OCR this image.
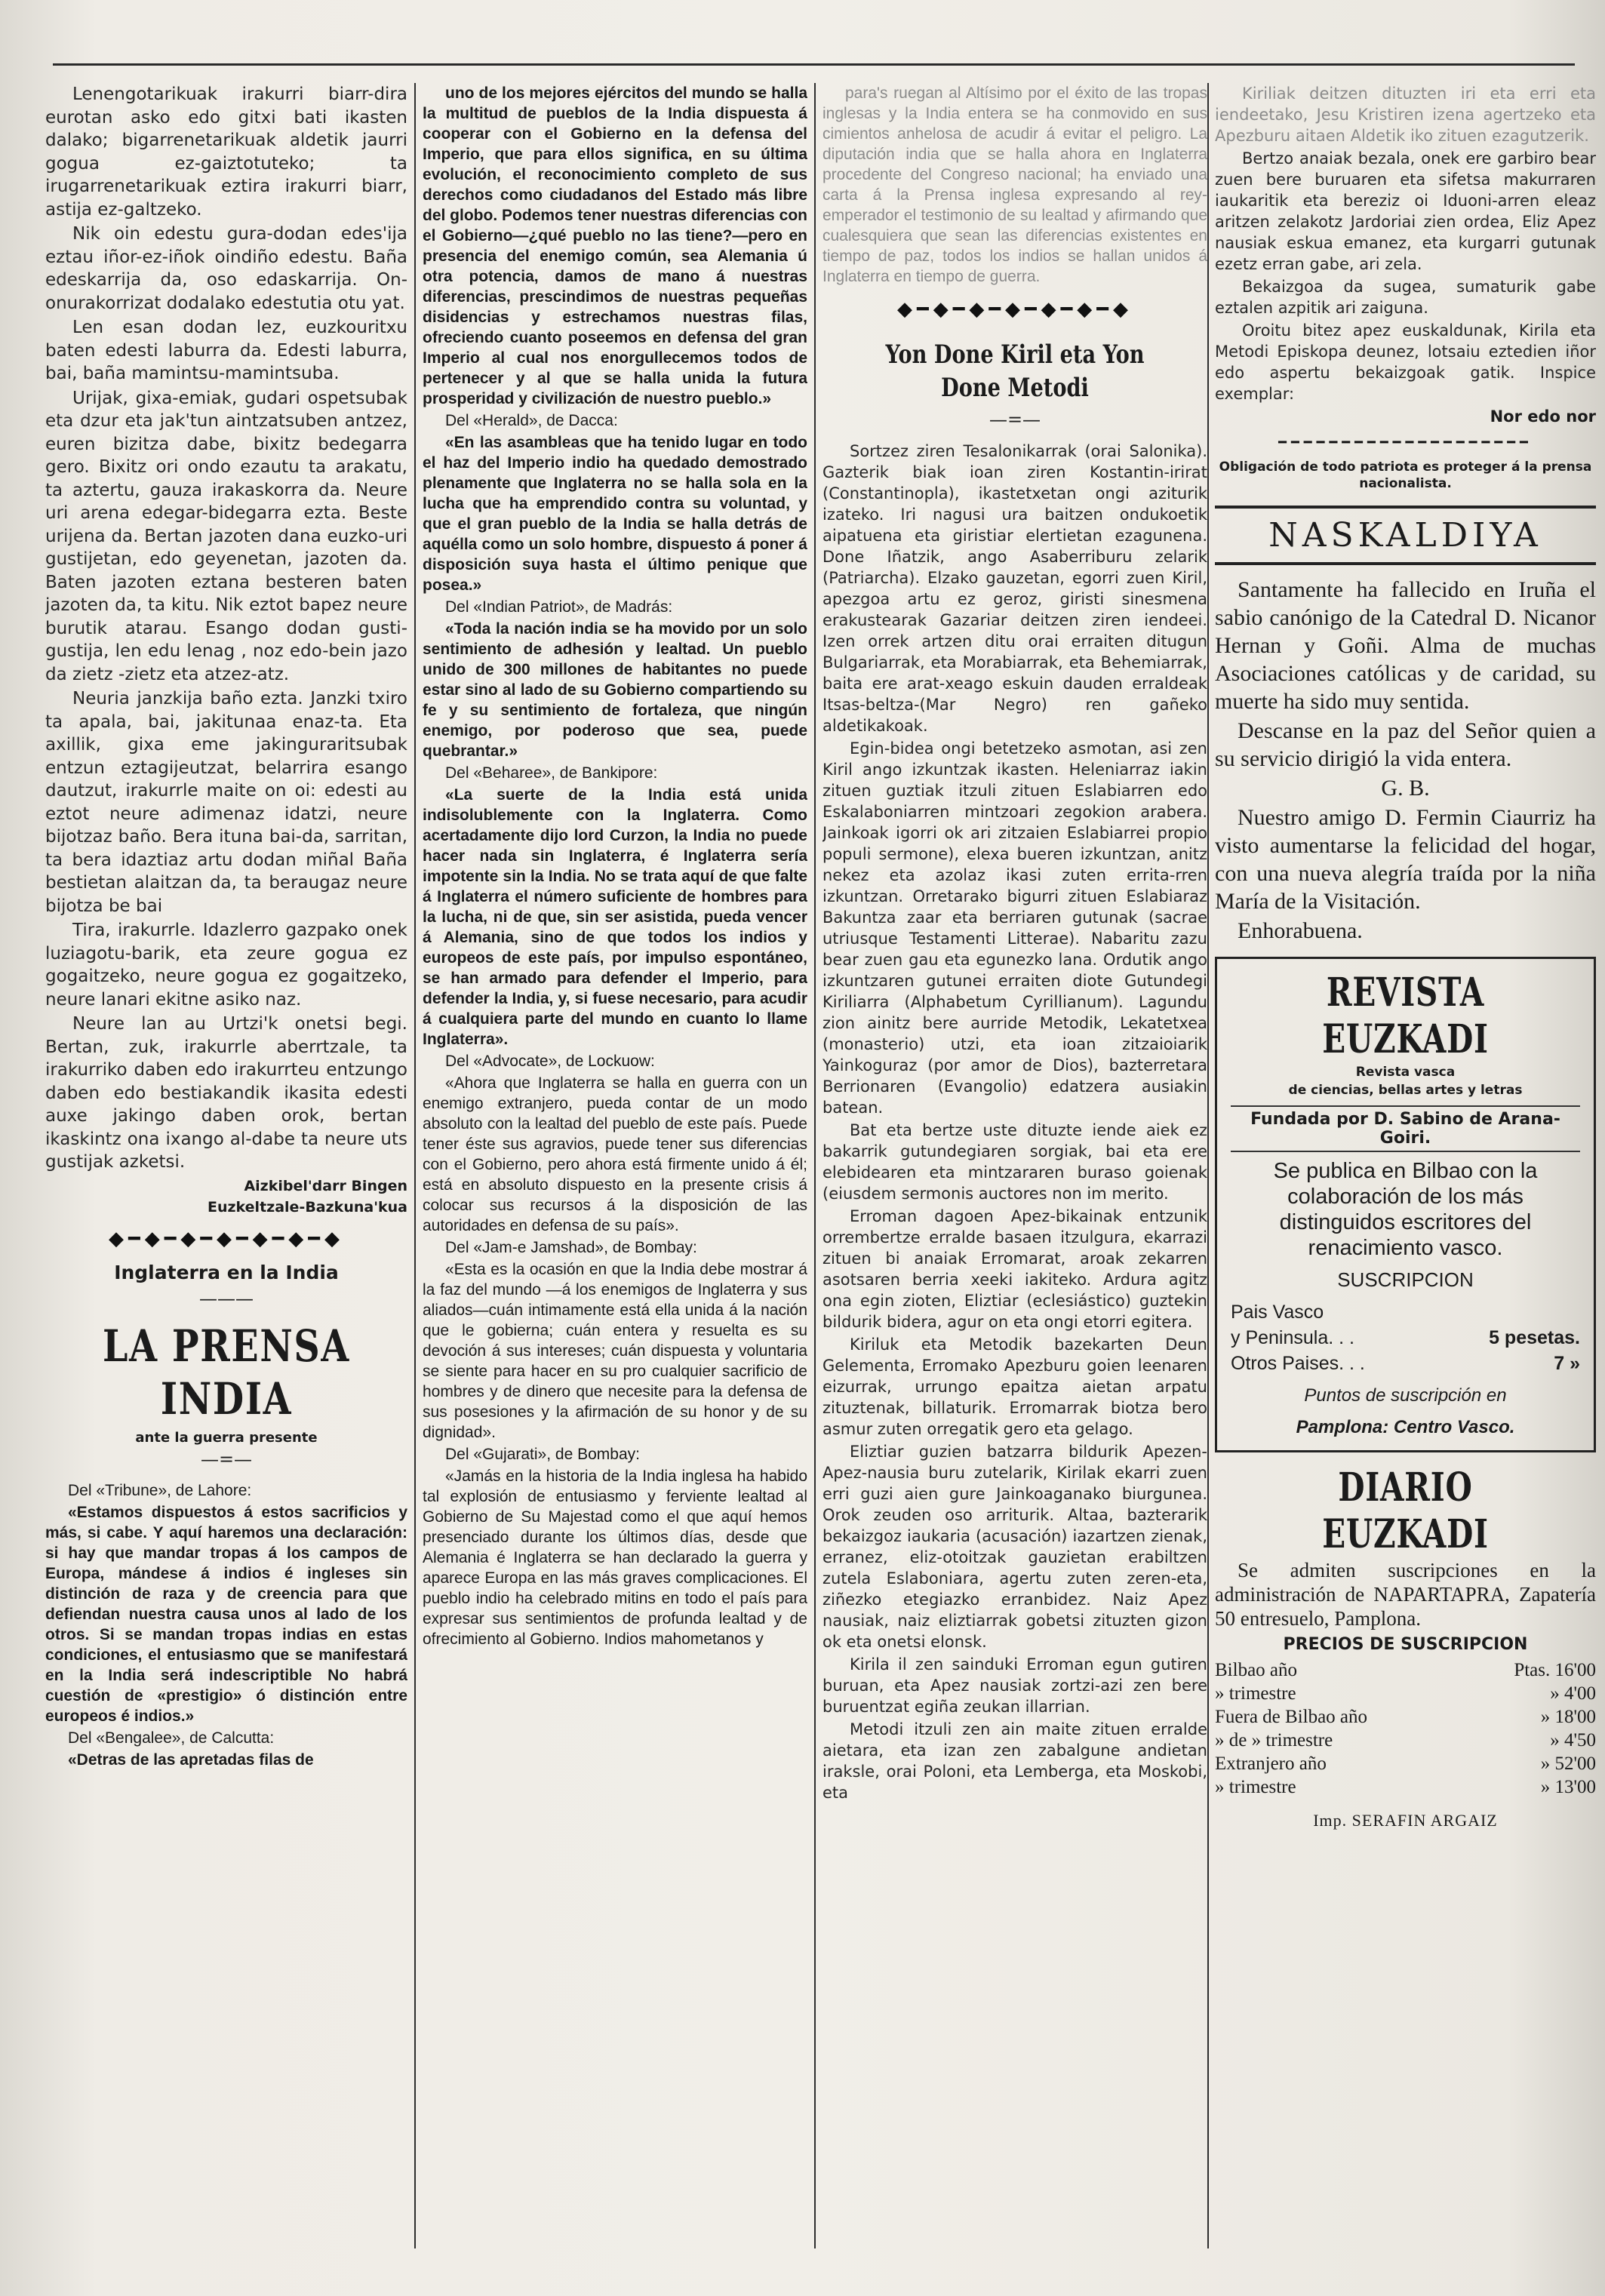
Lenengotarikuak irakurri biarr-dira eurotan asko edo gitxi bati ikasten dalako; bigarrenetarikuak aldetik jaurri gogua ez-gaiztotuteko; ta irugarrenetarikuak eztira irakurri biarr, astija ez-galtzeko.

Nik oin edestu gura-dodan edes'ija eztau iñor-ez-iñok oindiño edestu. Baña edeskarrija da, oso edaskarrija. On-onurakorrizat dodalako edestutia otu yat.

Len esan dodan lez, euzkouritxu baten edesti laburra da. Edesti laburra, bai, baña mamintsu-mamintsuba.

Urijak, gixa-emiak, gudari ospetsubak eta dzur eta jak'tun aintzatsuben antzez, euren bizitza dabe, bixitz bedegarra gero. Bixitz ori ondo ezautu ta arakatu, ta aztertu, gauza irakaskorra da. Neure uri arena edegar-bidegarra ezta. Beste urijena da. Bertan jazoten dana euzko-uri gustijetan, edo geyenetan, jazoten da. Baten jazoten eztana besteren baten jazoten da, ta kitu. Nik eztot bapez neure burutik atarau. Esango dodan gusti-gustija, len edu lenag , noz edo-bein jazo da zietz -zietz eta atzez-atz.

Neuria janzkija baño ezta. Janzki txiro ta apala, bai, jakitunaa enaz-ta. Eta axillik, gixa eme jakinguraritsubak entzun eztagijeutzat, belarrira esango dautzut, irakurrle maite on oi: edesti au eztot neure adimenaz idatzi, neure bijotzaz baño. Bera ituna bai-da, sarritan, ta bera idaztiaz artu dodan miñal Baña bestietan alaitzan da, ta beraugaz neure bijotza be bai

Tira, irakurrle. Idazlerro gazpako onek luziagotu-barik, eta zeure gogua ez gogaitzeko, neure gogua ez gogaitzeko, neure lanari ekitne asiko naz.

Neure lan au Urtzi'k onetsi begi. Bertan, zuk, irakurrle aberrtzale, ta irakurriko daben edo irakurrteu entzungo daben edo bestiakandik ikasita edesti auxe jakingo daben orok, bertan ikaskintz ona ixango al-dabe ta neure uts gustijak azketsi.

Aizkibel'darr Bingen
Euzkeltzale-Bazkuna'kua
◆━◆━◆━◆━◆━◆━◆
Inglaterra en la India
———
LA PRENSA INDIA
ante la guerra presente
—=—

Del «Tribune», de Lahore:

«Estamos dispuestos á estos sacrificios y más, si cabe. Y aquí haremos una declaración: si hay que mandar tropas á los campos de Europa, mándese á indios é ingleses sin distinción de raza y de creencia para que defiendan nuestra causa unos al lado de los otros. Si se mandan tropas indias en estas condiciones, el entusiasmo que se manifestará en la India será indescriptible No habrá cuestión de «prestigio» ó distinción entre europeos é indios.»

Del «Bengalee», de Calcutta:

«Detras de las apretadas filas de

uno de los mejores ejércitos del mundo se halla la multitud de pueblos de la India dispuesta á cooperar con el Gobierno en la defensa del Imperio, que para ellos significa, en su última evolución, el reconocimiento completo de sus derechos como ciudadanos del Estado más libre del globo. Podemos tener nuestras diferencias con el Gobierno—¿qué pueblo no las tiene?—pero en presencia del enemigo común, sea Alemania ú otra potencia, damos de mano á nuestras diferencias, prescindimos de nuestras pequeñas disidencias y estrechamos nuestras filas, ofreciendo cuanto poseemos en defensa del gran Imperio al cual nos enorgullecemos todos de pertenecer y al que se halla unida la futura prosperidad y civilización de nuestro pueblo.»

Del «Herald», de Dacca:

«En las asambleas que ha tenido lugar en todo el haz del Imperio indio ha quedado demostrado plenamente que Inglaterra no se halla sola en la lucha que ha emprendido contra su voluntad, y que el gran pueblo de la India se halla detrás de aquélla como un solo hombre, dispuesto á poner á disposición suya hasta el último penique que posea.»

Del «Indian Patriot», de Madrás:

«Toda la nación india se ha movido por un solo sentimiento de adhesión y lealtad. Un pueblo unido de 300 millones de habitantes no puede estar sino al lado de su Gobierno compartiendo su fe y su sentimiento de fortaleza, que ningún enemigo, por poderoso que sea, puede quebrantar.»

Del «Beharee», de Bankipore:

«La suerte de la India está unida indisolublemente con la Inglaterra. Como acertadamente dijo lord Curzon, la India no puede hacer nada sin Inglaterra, é Inglaterra sería impotente sin la India. No se trata aquí de que falte á Inglaterra el número suficiente de hombres para la lucha, ni de que, sin ser asistida, pueda vencer á Alemania, sino de que todos los indios y europeos de este país, por impulso espontáneo, se han armado para defender el Imperio, para defender la India, y, si fuese necesario, para acudir á cualquiera parte del mundo en cuanto lo llame Inglaterra».

Del «Advocate», de Lockuow:

«Ahora que Inglaterra se halla en guerra con un enemigo extranjero, pueda contar de un modo absoluto con la lealtad del pueblo de este país. Puede tener éste sus agravios, puede tener sus diferencias con el Gobierno, pero ahora está firmente unido á él; está en absoluto dispuesto en la presente crisis á colocar sus recursos á la disposición de las autoridades en defensa de su país».

Del «Jam-e Jamshad», de Bombay:

«Esta es la ocasión en que la India debe mostrar á la faz del mundo —á los enemigos de Inglaterra y sus aliados—cuán intimamente está ella unida á la nación que le gobierna; cuán entera y resuelta es su devoción á sus intereses; cuán dispuesta y voluntaria se siente para hacer en su pro cualquier sacrificio de hombres y de dinero que necesite para la defensa de sus posesiones y la afirmación de su honor y de su dignidad».

Del «Gujarati», de Bombay:

«Jamás en la historia de la India inglesa ha habido tal explosión de entusiasmo y ferviente lealtad al Gobierno de Su Majestad como el que aquí hemos presenciado durante los últimos días, desde que Alemania é Inglaterra se han declarado la guerra y aparece Europa en las más graves complicaciones. El pueblo indio ha celebrado mitins en todo el país para expresar sus sentimientos de profunda lealtad y de ofrecimiento al Gobierno. Indios mahometanos y

para's ruegan al Altísimo por el éxito de las tropas inglesas y la India entera se ha conmovido en sus cimientos anhelosa de acudir á evitar el peligro. La diputación india que se halla ahora en Inglaterra procedente del Congreso nacional; ha enviado una carta á la Prensa inglesa expresando al rey-emperador el testimonio de su lealtad y afirmando que cualesquiera que sean las diferencias existentes en tiempo de paz, todos los indios se hallan unidos á Inglaterra en tiempo de guerra.

◆━◆━◆━◆━◆━◆━◆
Yon Done Kiril eta Yon Done Metodi
—=—

Sortzez ziren Tesalonikarrak (orai Salonika). Gazterik biak ioan ziren Kostantin-irirat (Constantinopla), ikastetxetan ongi aziturik izateko. Iri nagusi ura baitzen ondukoetik aipatuena eta giristiar elertietan ezagunena. Done Iñatzik, ango Asaberriburu zelarik (Patriarcha). Elzako gauzetan, egorri zuen Kiril, apezgoa artu ez geroz, giristi sinesmena erakustearak Gazariar deitzen ziren iendeei. Izen orrek artzen ditu orai erraiten ditugun Bulgariarrak, eta Morabiarrak, eta Behemiarrak, baita ere arat-xeago eskuin dauden erraldeak Itsas-beltza-(Mar Negro) ren gañeko aldetikakoak.

Egin-bidea ongi betetzeko asmotan, asi zen Kiril ango izkuntzak ikasten. Heleniarraz iakin zituen guztiak itzuli zituen Eslabiarren edo Eskalaboniarren mintzoari zegokion arabera. Jainkoak igorri ok ari zitzaien Eslabiarrei propio populi sermone), elexa bueren izkuntzan, anitz nekez eta azolaz ikasi zuten errita-rren izkuntzan. Orretarako bigurri zituen Eslabiaraz Bakuntza zaar eta berriaren gutunak (sacrae utriusque Testamenti Litterae). Nabaritu zazu bear zuen gau eta egunezko lana. Ordutik ango izkuntzaren gutunei erraiten diote Gutundegi Kiriliarra (Alphabetum Cyrillianum). Lagundu zion ainitz bere aurride Metodik, Lekatetxea (monasterio) utzi, eta ioan zitzaioiarik Yainkoguraz (por amor de Dios), bazterretara Berrionaren (Evangolio) edatzera ausiakin batean.

Bat eta bertze uste dituzte iende aiek ez bakarrik gutundegiaren sorgiak, bai eta ere elebidearen eta mintzararen buraso goienak (eiusdem sermonis auctores non im merito.

Erroman dagoen Apez-bikainak entzunik orrembertze erralde basaen itzulgura, ekarrazi zituen bi anaiak Erromarat, aroak zekarren asotsaren berria xeeki iakiteko. Ardura agitz ona egin zioten, Eliztiar (eclesiástico) guztekin bildurik bidera, agur on eta ongi etorri egitera.

Kiriluk eta Metodik bazekarten Deun Gelementa, Erromako Apezburu goien leenaren eizurrak, urrungo epaitza aietan arpatu zituztenak, billaturik. Erromarrak biotza bero asmur zuten orregatik gero eta gelago.

Eliztiar guzien batzarra bildurik Apezen-Apez-nausia buru zutelarik, Kirilak ekarri zuen erri guzi aien gure Jainkoaganako biurgunea. Orok zeuden oso arriturik. Altaa, bazterarik bekaizgoz iaukaria (acusación) iazartzen zienak, erranez, eliz-otoitzak gauzietan erabiltzen zutela Eslaboniara, agertu zuten zeren-eta, ziñezko etegiazko erranbidez. Naiz Apez nausiak, naiz eliztiarrak gobetsi zituzten gizon ok eta onetsi elonsk.

Kirila il zen sainduki Erroman egun gutiren buruan, eta Apez nausiak zortzi-azi zen bere buruentzat egiña zeukan illarrian.

Metodi itzuli zen ain maite zituen erralde aietara, eta izan zen zabalgune andietan iraksle, orai Poloni, eta Lemberga, eta Moskobi, eta

Kiriliak deitzen dituzten iri eta erri eta iendeetako, Jesu Kristiren izena agertzeko eta Apezburu aitaen Aldetik iko zituen ezagutzerik.

Bertzo anaiak bezala, onek ere garbiro bear zuen bere buruaren eta sifetsa makurraren iaukaritik eta bereziz oi Iduoni-arren eleaz aritzen zelakotz Jardoriai zien ordea, Eliz Apez nausiak eskua emanez, eta kurgarri gutunak ezetz erran gabe, ari zela.

Bekaizgoa da sugea, sumaturik gabe eztalen azpitik ari zaiguna.

Oroitu bitez apez euskaldunak, Kirila eta Metodi Episkopa deunez, lotsaiu eztedien iñor edo aspertu bekaizgoak gatik. Inspice exemplar:

Nor edo nor
━━━━━━━━━━━━━━━━━━━━
Obligación de todo patriota es proteger á la prensa nacionalista.
NASKALDIYA

Santamente ha fallecido en Iruña el sabio canónigo de la Catedral D. Nicanor Hernan y Goñi. Alma de muchas Asociaciones católicas y de caridad, su muerte ha sido muy sentida.

Descanse en la paz del Señor quien a su servicio dirigió la vida entera.

G. B.

Nuestro amigo D. Fermin Ciaurriz ha visto aumentarse la felicidad del hogar, con una nueva alegría traída por la niña María de la Visitación.

Enhorabuena.

REVISTA EUZKADI
Revista vasca
de ciencias, bellas artes y letras
Fundada por D. Sabino de Arana-Goiri.
Se publica en Bilbao con la colaboración de los más distinguidos escritores del renacimiento vasco.
SUSCRIPCION
Pais Vasco
y Peninsula. . .	5 pesetas.
Otros Paises. . .	7 »
Puntos de suscripción en
Pamplona: Centro Vasco.
DIARIO EUZKADI

Se admiten suscripciones en la administración de NAPARTAPRA, Zapatería 50 entresuelo, Pamplona.

PRECIOS DE SUSCRIPCION
Bilbao año	Ptas. 16'00
» trimestre	» 4'00
Fuera de Bilbao año	» 18'00
» de » trimestre	» 4'50
Extranjero año	» 52'00
» trimestre	» 13'00
Imp. SERAFIN ARGAIZ
